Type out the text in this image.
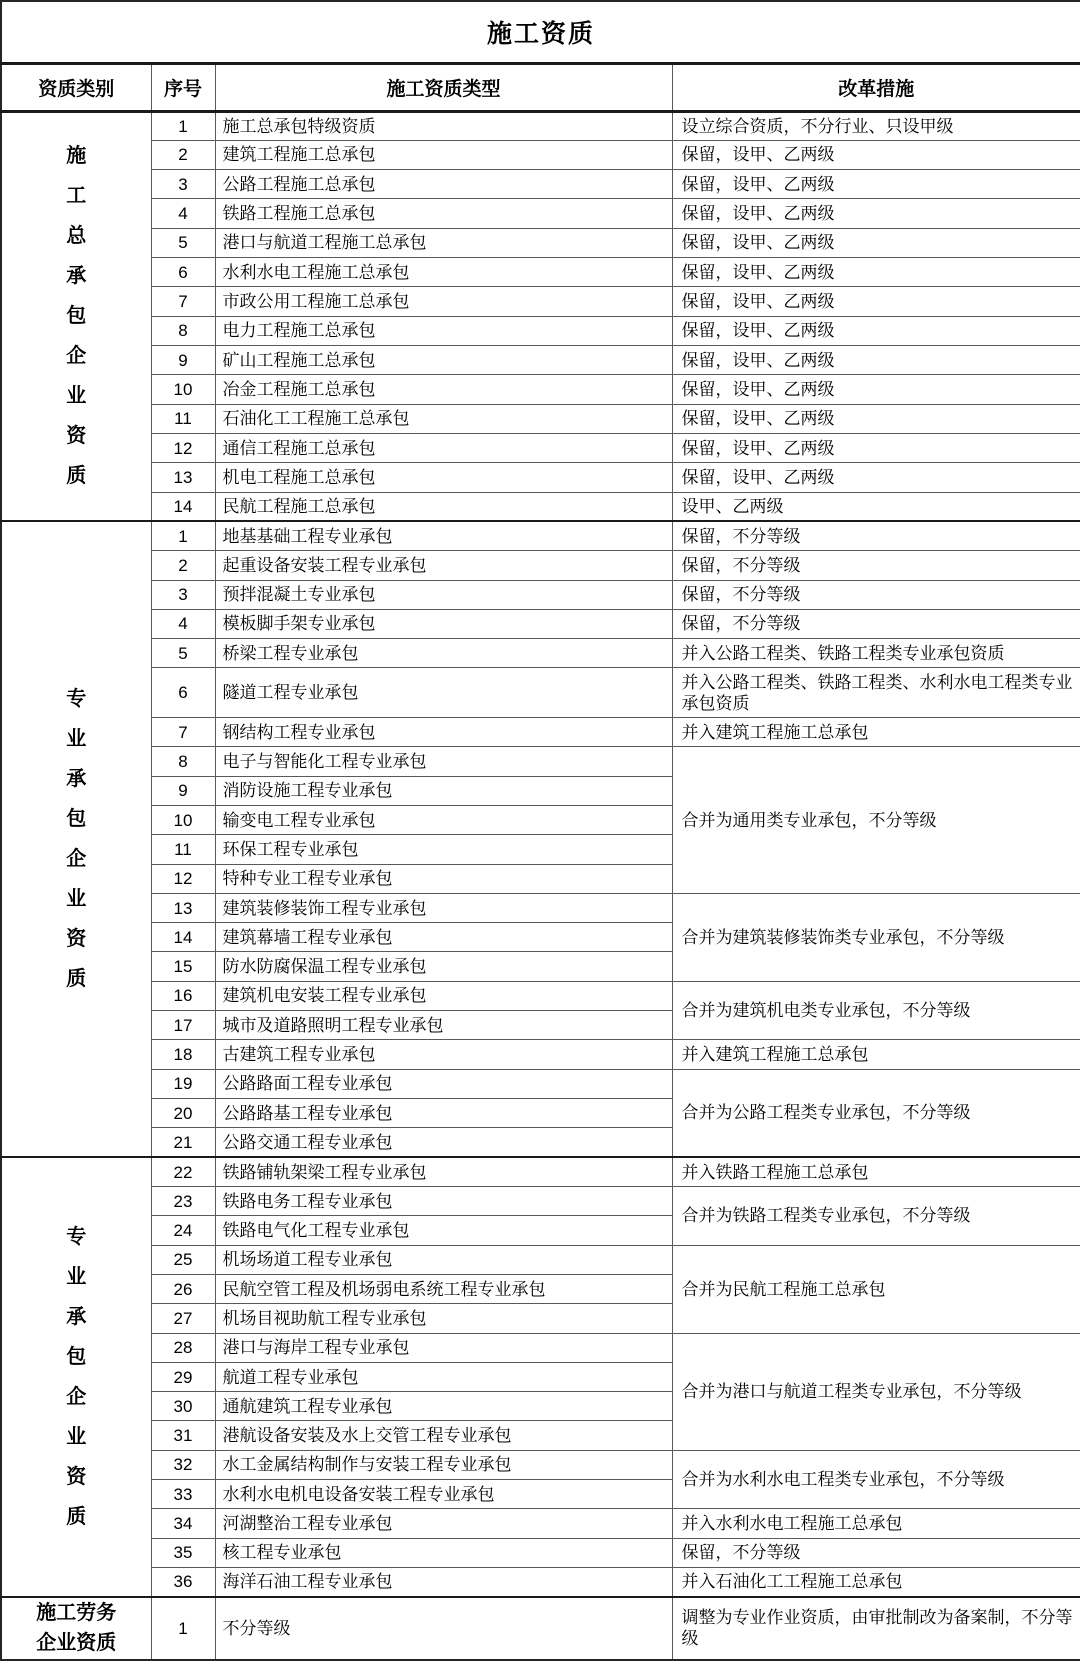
施工资质			
资质类别	序号	施工资质类型	改革措施

施工总承包企业资质	1	施工总承包特级资质	设立综合资质，不分行业、只设甲级
	2	建筑工程施工总承包	保留，设甲、乙两级
	3	公路工程施工总承包	保留，设甲、乙两级
	4	铁路工程施工总承包	保留，设甲、乙两级
	5	港口与航道工程施工总承包	保留，设甲、乙两级
	6	水利水电工程施工总承包	保留，设甲、乙两级
	7	市政公用工程施工总承包	保留，设甲、乙两级
	8	电力工程施工总承包	保留，设甲、乙两级
	9	矿山工程施工总承包	保留，设甲、乙两级
	10	冶金工程施工总承包	保留，设甲、乙两级
	11	石油化工工程施工总承包	保留，设甲、乙两级
	12	通信工程施工总承包	保留，设甲、乙两级
	13	机电工程施工总承包	保留，设甲、乙两级
	14	民航工程施工总承包	设甲、乙两级

专业承包企业资质	1	地基基础工程专业承包	保留，不分等级
	2	起重设备安装工程专业承包	保留，不分等级
	3	预拌混凝土专业承包	保留，不分等级
	4	模板脚手架专业承包	保留，不分等级
	5	桥梁工程专业承包	并入公路工程类、铁路工程类专业承包资质
	6	隧道工程专业承包	并入公路工程类、铁路工程类、水利水电工程类专业承包资质
	7	钢结构工程专业承包	并入建筑工程施工总承包
	8	电子与智能化工程专业承包	合并为通用类专业承包，不分等级
	9	消防设施工程专业承包	
	10	输变电工程专业承包	
	11	环保工程专业承包	
	12	特种专业工程专业承包	
	13	建筑装修装饰工程专业承包	合并为建筑装修装饰类专业承包，不分等级
	14	建筑幕墙工程专业承包	
	15	防水防腐保温工程专业承包	
	16	建筑机电安装工程专业承包	合并为建筑机电类专业承包，不分等级
	17	城市及道路照明工程专业承包	
	18	古建筑工程专业承包	并入建筑工程施工总承包
	19	公路路面工程专业承包	合并为公路工程类专业承包，不分等级
	20	公路路基工程专业承包	
	21	公路交通工程专业承包	

专业承包企业资质	22	铁路铺轨架梁工程专业承包	并入铁路工程施工总承包
	23	铁路电务工程专业承包	合并为铁路工程类专业承包，不分等级
	24	铁路电气化工程专业承包	
	25	机场场道工程专业承包	合并为民航工程施工总承包
	26	民航空管工程及机场弱电系统工程专业承包	
	27	机场目视助航工程专业承包	
	28	港口与海岸工程专业承包	合并为港口与航道工程类专业承包，不分等级
	29	航道工程专业承包	
	30	通航建筑工程专业承包	
	31	港航设备安装及水上交管工程专业承包	
	32	水工金属结构制作与安装工程专业承包	合并为水利水电工程类专业承包，不分等级
	33	水利水电机电设备安装工程专业承包	
	34	河湖整治工程专业承包	并入水利水电工程施工总承包
	35	核工程专业承包	保留，不分等级
	36	海洋石油工程专业承包	并入石油化工工程施工总承包

施工劳务企业资质	1	不分等级	调整为专业作业资质，由审批制改为备案制，不分等级
